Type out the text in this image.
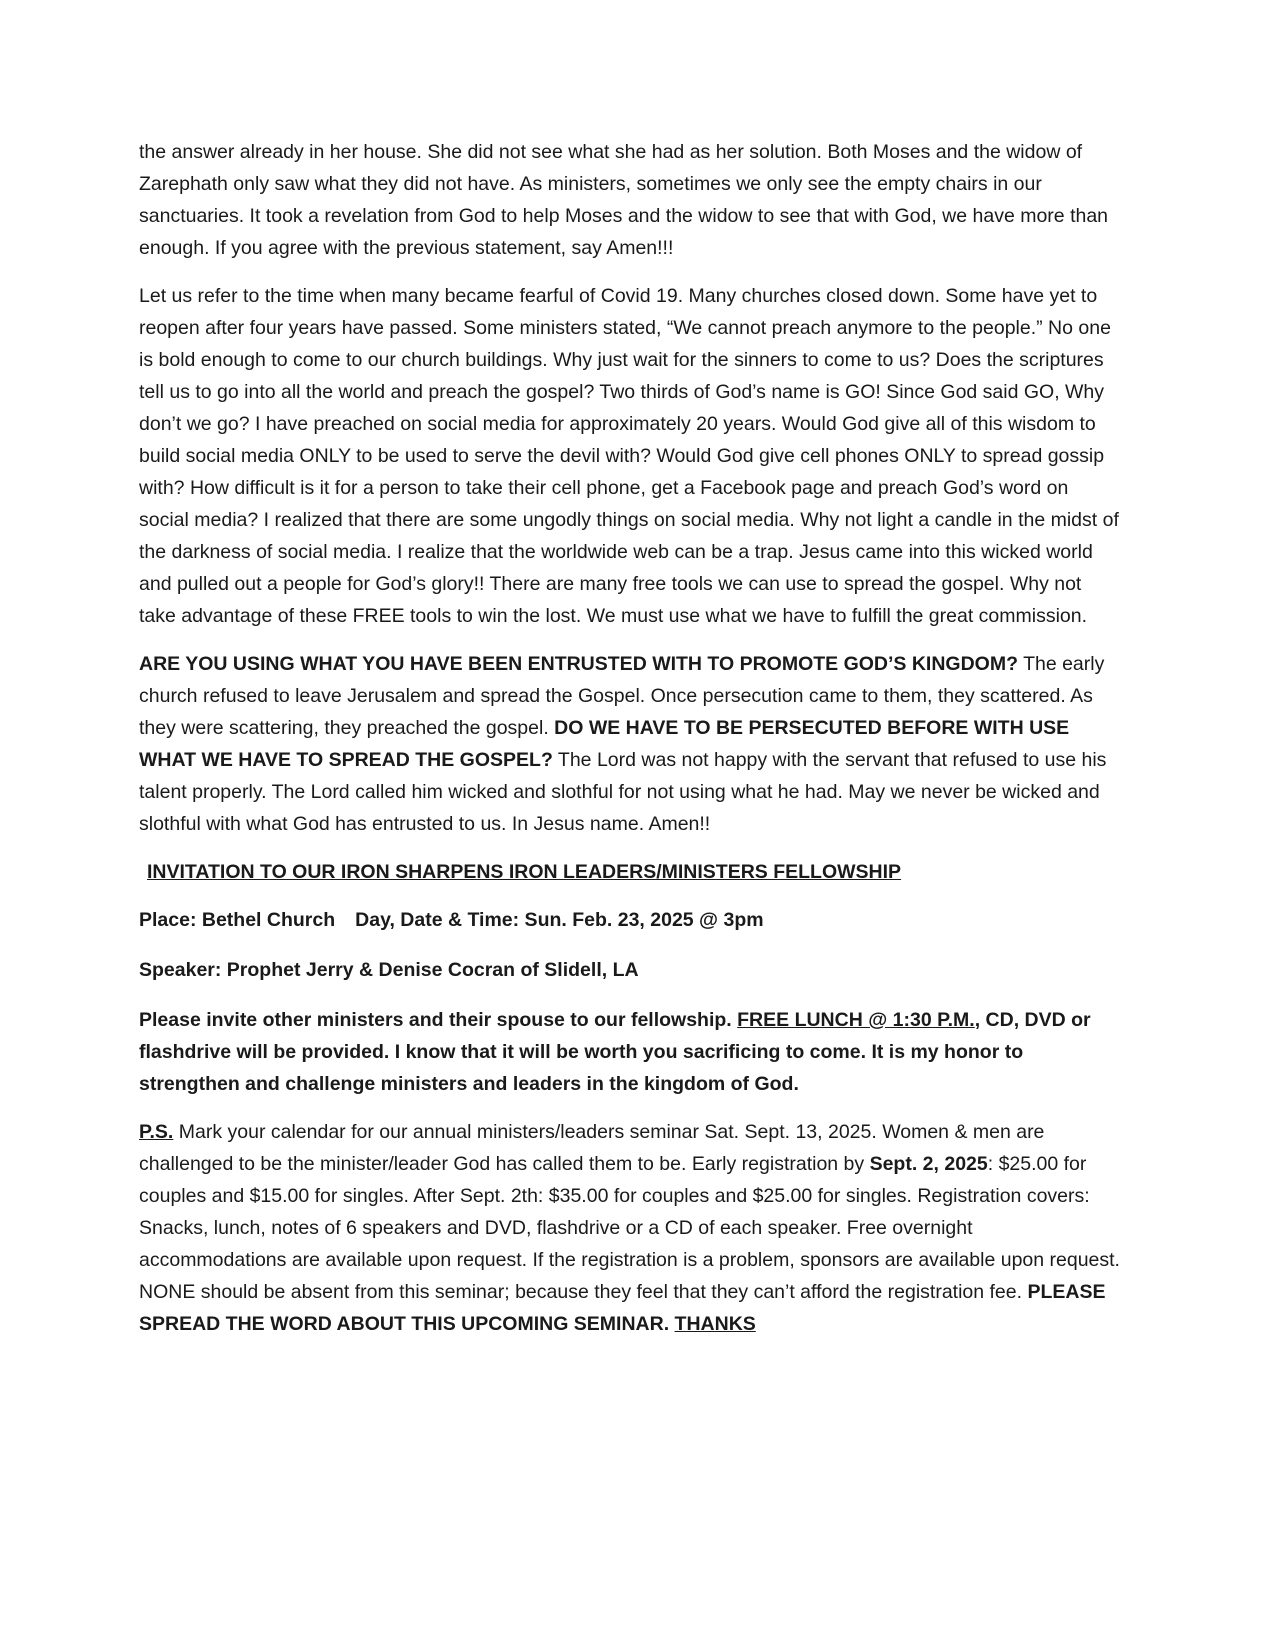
the answer already in her house. She did not see what she had as her solution. Both Moses and the widow of Zarephath only saw what they did not have. As ministers, sometimes we only see the empty chairs in our sanctuaries. It took a revelation from God to help Moses and the widow to see that with God, we have more than enough. If you agree with the previous statement, say Amen!!!

Let us refer to the time when many became fearful of Covid 19. Many churches closed down. Some have yet to reopen after four years have passed. Some ministers stated, “We cannot preach anymore to the people.” No one is bold enough to come to our church buildings. Why just wait for the sinners to come to us? Does the scriptures tell us to go into all the world and preach the gospel? Two thirds of God’s name is GO! Since God said GO, Why don’t we go? I have preached on social media for approximately 20 years. Would God give all of this wisdom to build social media ONLY to be used to serve the devil with? Would God give cell phones ONLY to spread gossip with? How difficult is it for a person to take their cell phone, get a Facebook page and preach God’s word on social media? I realized that there are some ungodly things on social media. Why not light a candle in the midst of the darkness of social media. I realize that the worldwide web can be a trap. Jesus came into this wicked world and pulled out a people for God’s glory!! There are many free tools we can use to spread the gospel. Why not take advantage of these FREE tools to win the lost. We must use what we have to fulfill the great commission.

ARE YOU USING WHAT YOU HAVE BEEN ENTRUSTED WITH TO PROMOTE GOD’S KINGDOM? The early church refused to leave Jerusalem and spread the Gospel. Once persecution came to them, they scattered. As they were scattering, they preached the gospel. DO WE HAVE TO BE PERSECUTED BEFORE WITH USE WHAT WE HAVE TO SPREAD THE GOSPEL? The Lord was not happy with the servant that refused to use his talent properly. The Lord called him wicked and slothful for not using what he had. May we never be wicked and slothful with what God has entrusted to us. In Jesus name. Amen!!

INVITATION TO OUR IRON SHARPENS IRON LEADERS/MINISTERS FELLOWSHIP
Place: Bethel Church Day, Date & Time: Sun. Feb. 23, 2025 @ 3pm
Speaker: Prophet Jerry & Denise Cocran of Slidell, LA

Please invite other ministers and their spouse to our fellowship. FREE LUNCH @ 1:30 P.M., CD, DVD or flashdrive will be provided. I know that it will be worth you sacrificing to come. It is my honor to strengthen and challenge ministers and leaders in the kingdom of God.

P.S. Mark your calendar for our annual ministers/leaders seminar Sat. Sept. 13, 2025. Women & men are challenged to be the minister/leader God has called them to be. Early registration by Sept. 2, 2025: $25.00 for couples and $15.00 for singles. After Sept. 2th: $35.00 for couples and $25.00 for singles. Registration covers: Snacks, lunch, notes of 6 speakers and DVD, flashdrive or a CD of each speaker. Free overnight accommodations are available upon request. If the registration is a problem, sponsors are available upon request. NONE should be absent from this seminar; because they feel that they can’t afford the registration fee. PLEASE SPREAD THE WORD ABOUT THIS UPCOMING SEMINAR. THANKS
